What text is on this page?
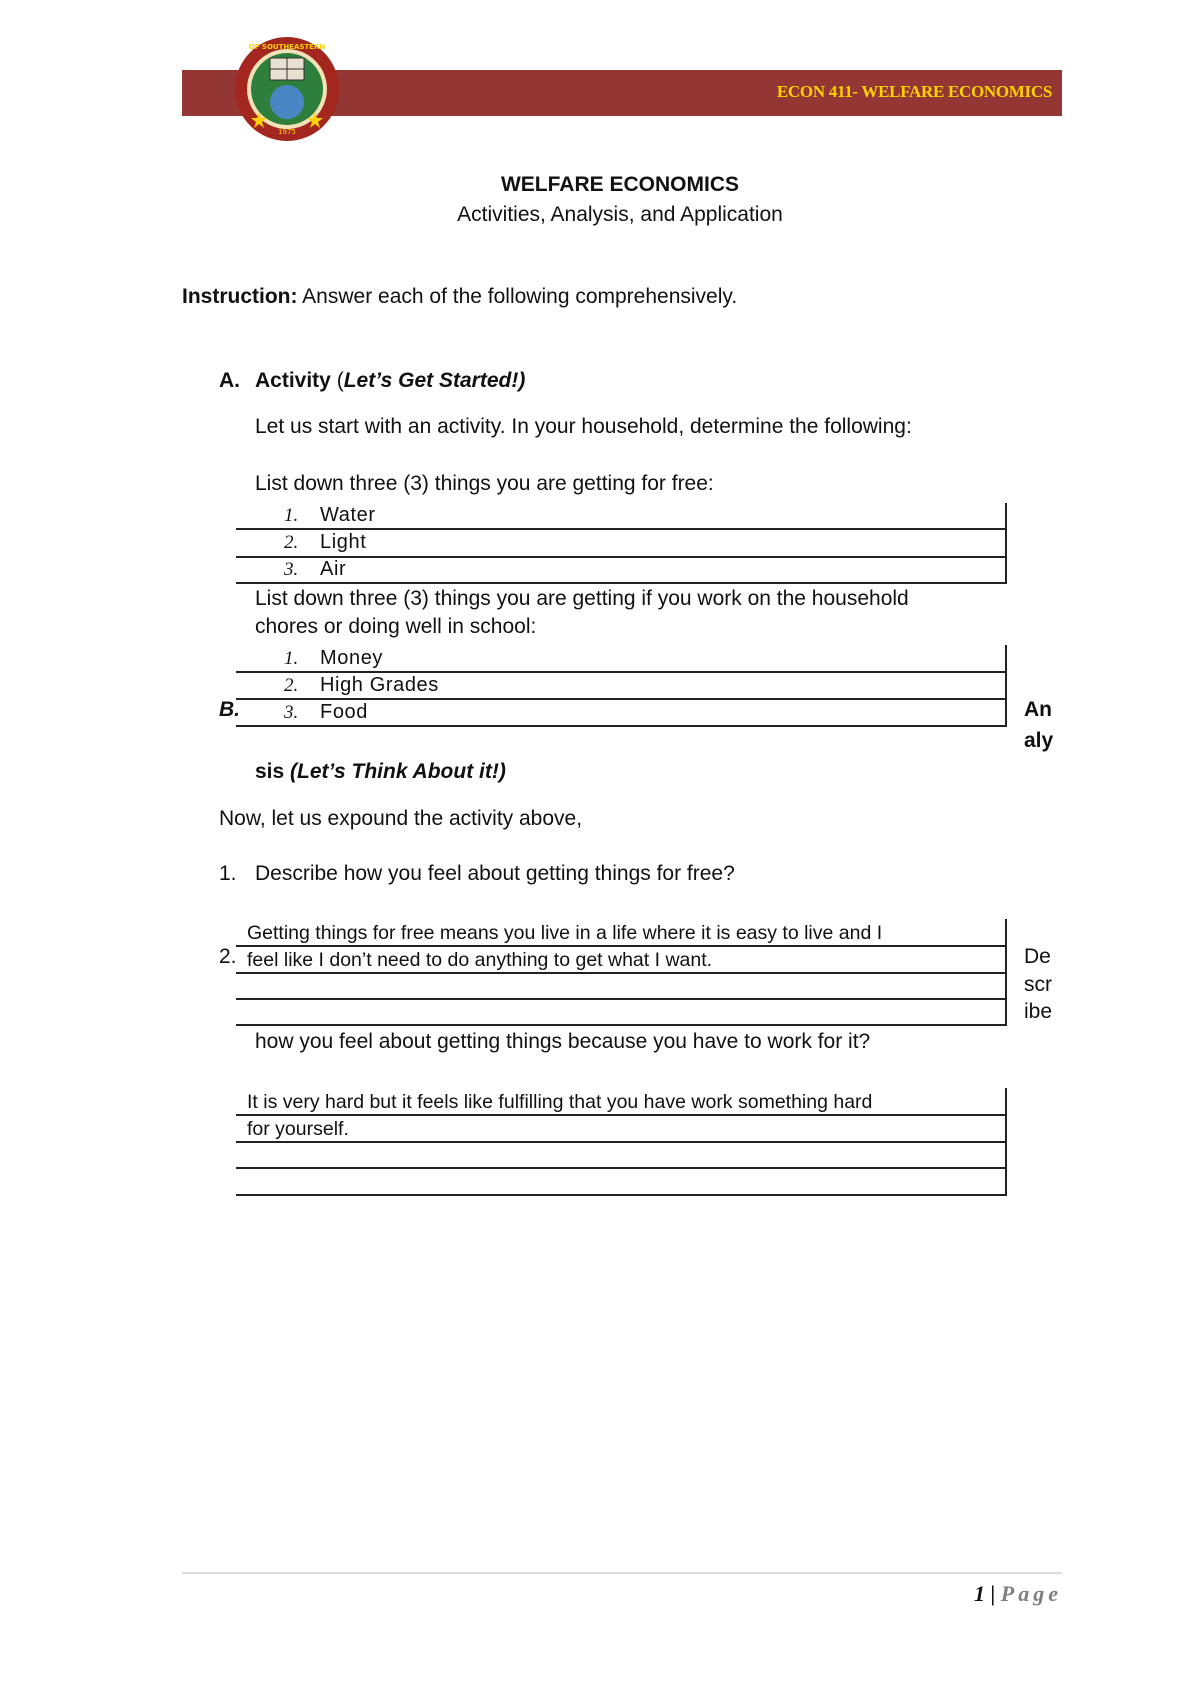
1975
OF SOUTHEASTERN
ECON 411- WELFARE ECONOMICS
WELFARE ECONOMICS
Activities, Analysis, and Application
Instruction: Answer each of the following comprehensively.
A. Activity (Let’s Get Started!)
Let us start with an activity. In your household, determine the following:
List down three (3) things you are getting for free:
1. Water
2. Light
3. Air
List down three (3) things you are getting if you work on the household
chores or doing well in school:
1. Money
2. High Grades
3. Food
B.	An
aly
sis (Let’s Think About it!)
Now, let us expound the activity above,
1. Describe how you feel about getting things for free?
Getting things for free means you live in a life where it is easy to live and I
feel like I don’t need to do anything to get what I want.
2.	De
scr
ibe
how you feel about getting things because you have to work for it?
It is very hard but it feels like fulfilling that you have work something hard
for yourself.
1 | Page
